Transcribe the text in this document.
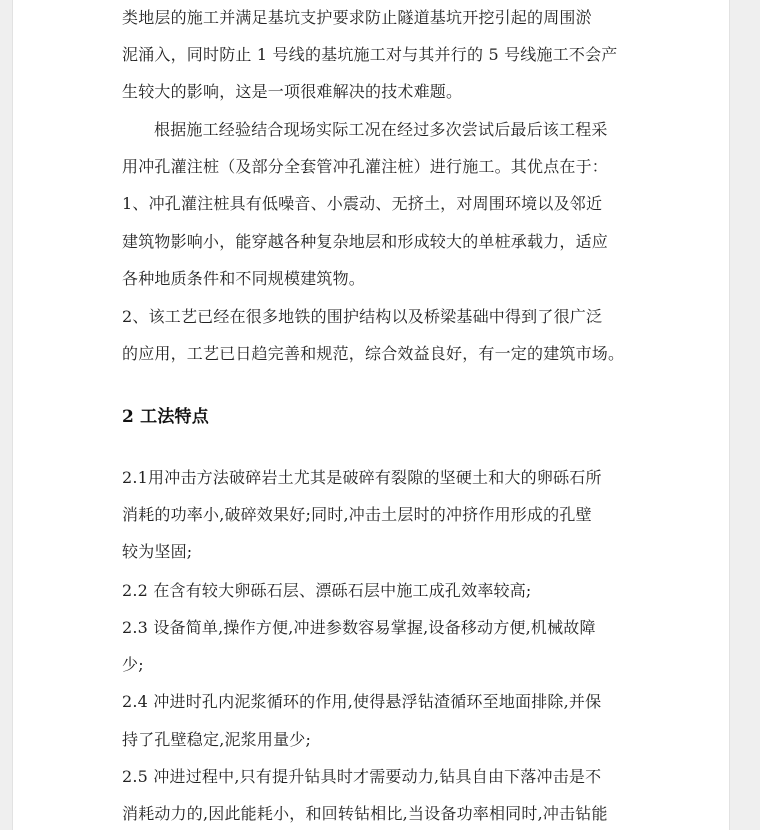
类地层的施工并满足基坑支护要求防止隧道基坑开挖引起的周围淤
泥涌入，同时防止 1 号线的基坑施工对与其并行的 5 号线施工不会产
生较大的影响，这是一项很难解决的技术难题。
根据施工经验结合现场实际工况在经过多次尝试后最后该工程采
用冲孔灌注桩（及部分全套管冲孔灌注桩）进行施工。其优点在于：
1、冲孔灌注桩具有低噪音、小震动、无挤土，对周围环境以及邻近
建筑物影响小，能穿越各种复杂地层和形成较大的单桩承载力，适应
各种地质条件和不同规模建筑物。
2、该工艺已经在很多地铁的围护结构以及桥梁基础中得到了很广泛
的应用，工艺已日趋完善和规范，综合效益良好，有一定的建筑市场。
2 工法特点
2.1用冲击方法破碎岩土尤其是破碎有裂隙的坚硬土和大的卵砾石所
消耗的功率小,破碎效果好;同时,冲击土层时的冲挤作用形成的孔壁
较为坚固;
2.2 在含有较大卵砾石层、漂砾石层中施工成孔效率较高;
2.3 设备简单,操作方便,冲进参数容易掌握,设备移动方便,机械故障
少;
2.4 冲进时孔内泥浆循环的作用,使得悬浮钻渣循环至地面排除,并保
持了孔壁稳定,泥浆用量少;
2.5 冲进过程中,只有提升钻具时才需要动力,钻具自由下落冲击是不
消耗动力的,因此能耗小，和回转钻相比,当设备功率相同时,冲击钻能
